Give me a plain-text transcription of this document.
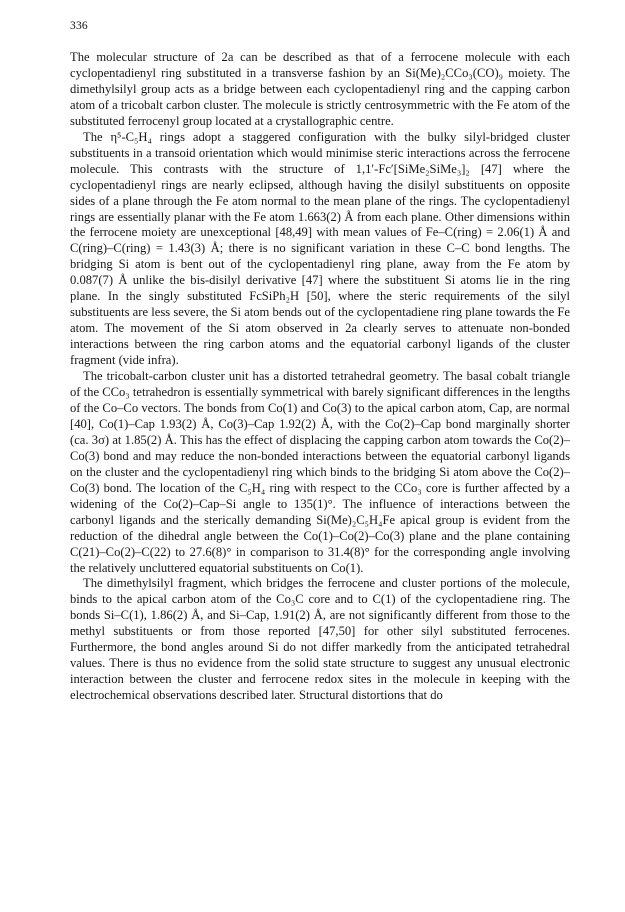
336

The molecular structure of 2a can be described as that of a ferrocene molecule with each cyclopentadienyl ring substituted in a transverse fashion by an Si(Me)₂CCo₃(CO)₉ moiety. The dimethylsilyl group acts as a bridge between each cyclopentadienyl ring and the capping carbon atom of a tricobalt carbon cluster. The molecule is strictly centrosymmetric with the Fe atom of the substituted ferrocenyl group located at a crystallographic centre.

The η⁵-C₅H₄ rings adopt a staggered configuration with the bulky silyl-bridged cluster substituents in a transoid orientation which would minimise steric interactions across the ferrocene molecule. This contrasts with the structure of 1,1′-Fc′[SiMe₂SiMe₃]₂ [47] where the cyclopentadienyl rings are nearly eclipsed, although having the disilyl substituents on opposite sides of a plane through the Fe atom normal to the mean plane of the rings. The cyclopentadienyl rings are essentially planar with the Fe atom 1.663(2) Å from each plane. Other dimensions within the ferrocene moiety are unexceptional [48,49] with mean values of Fe–C(ring) = 2.06(1) Å and C(ring)–C(ring) = 1.43(3) Å; there is no significant variation in these C–C bond lengths. The bridging Si atom is bent out of the cyclopentadienyl ring plane, away from the Fe atom by 0.087(7) Å unlike the bis-disilyl derivative [47] where the substituent Si atoms lie in the ring plane. In the singly substituted FcSiPh₂H [50], where the steric requirements of the silyl substituents are less severe, the Si atom bends out of the cyclopentadiene ring plane towards the Fe atom. The movement of the Si atom observed in 2a clearly serves to attenuate non-bonded interactions between the ring carbon atoms and the equatorial carbonyl ligands of the cluster fragment (vide infra).

The tricobalt-carbon cluster unit has a distorted tetrahedral geometry. The basal cobalt triangle of the CCo₃ tetrahedron is essentially symmetrical with barely significant differences in the lengths of the Co–Co vectors. The bonds from Co(1) and Co(3) to the apical carbon atom, Cap, are normal [40], Co(1)–Cap 1.93(2) Å, Co(3)–Cap 1.92(2) Å, with the Co(2)–Cap bond marginally shorter (ca. 3σ) at 1.85(2) Å. This has the effect of displacing the capping carbon atom towards the Co(2)–Co(3) bond and may reduce the non-bonded interactions between the equatorial carbonyl ligands on the cluster and the cyclopentadienyl ring which binds to the bridging Si atom above the Co(2)–Co(3) bond. The location of the C₅H₄ ring with respect to the CCo₃ core is further affected by a widening of the Co(2)–Cap–Si angle to 135(1)°. The influence of interactions between the carbonyl ligands and the sterically demanding Si(Me)₂C₅H₄Fe apical group is evident from the reduction of the dihedral angle between the Co(1)–Co(2)–Co(3) plane and the plane containing C(21)–Co(2)–C(22) to 27.6(8)° in comparison to 31.4(8)° for the corresponding angle involving the relatively uncluttered equatorial substituents on Co(1).

The dimethylsilyl fragment, which bridges the ferrocene and cluster portions of the molecule, binds to the apical carbon atom of the Co₃C core and to C(1) of the cyclopentadiene ring. The bonds Si–C(1), 1.86(2) Å, and Si–Cap, 1.91(2) Å, are not significantly different from those to the methyl substituents or from those reported [47,50] for other silyl substituted ferrocenes. Furthermore, the bond angles around Si do not differ markedly from the anticipated tetrahedral values. There is thus no evidence from the solid state structure to suggest any unusual electronic interaction between the cluster and ferrocene redox sites in the molecule in keeping with the electrochemical observations described later. Structural distortions that do
